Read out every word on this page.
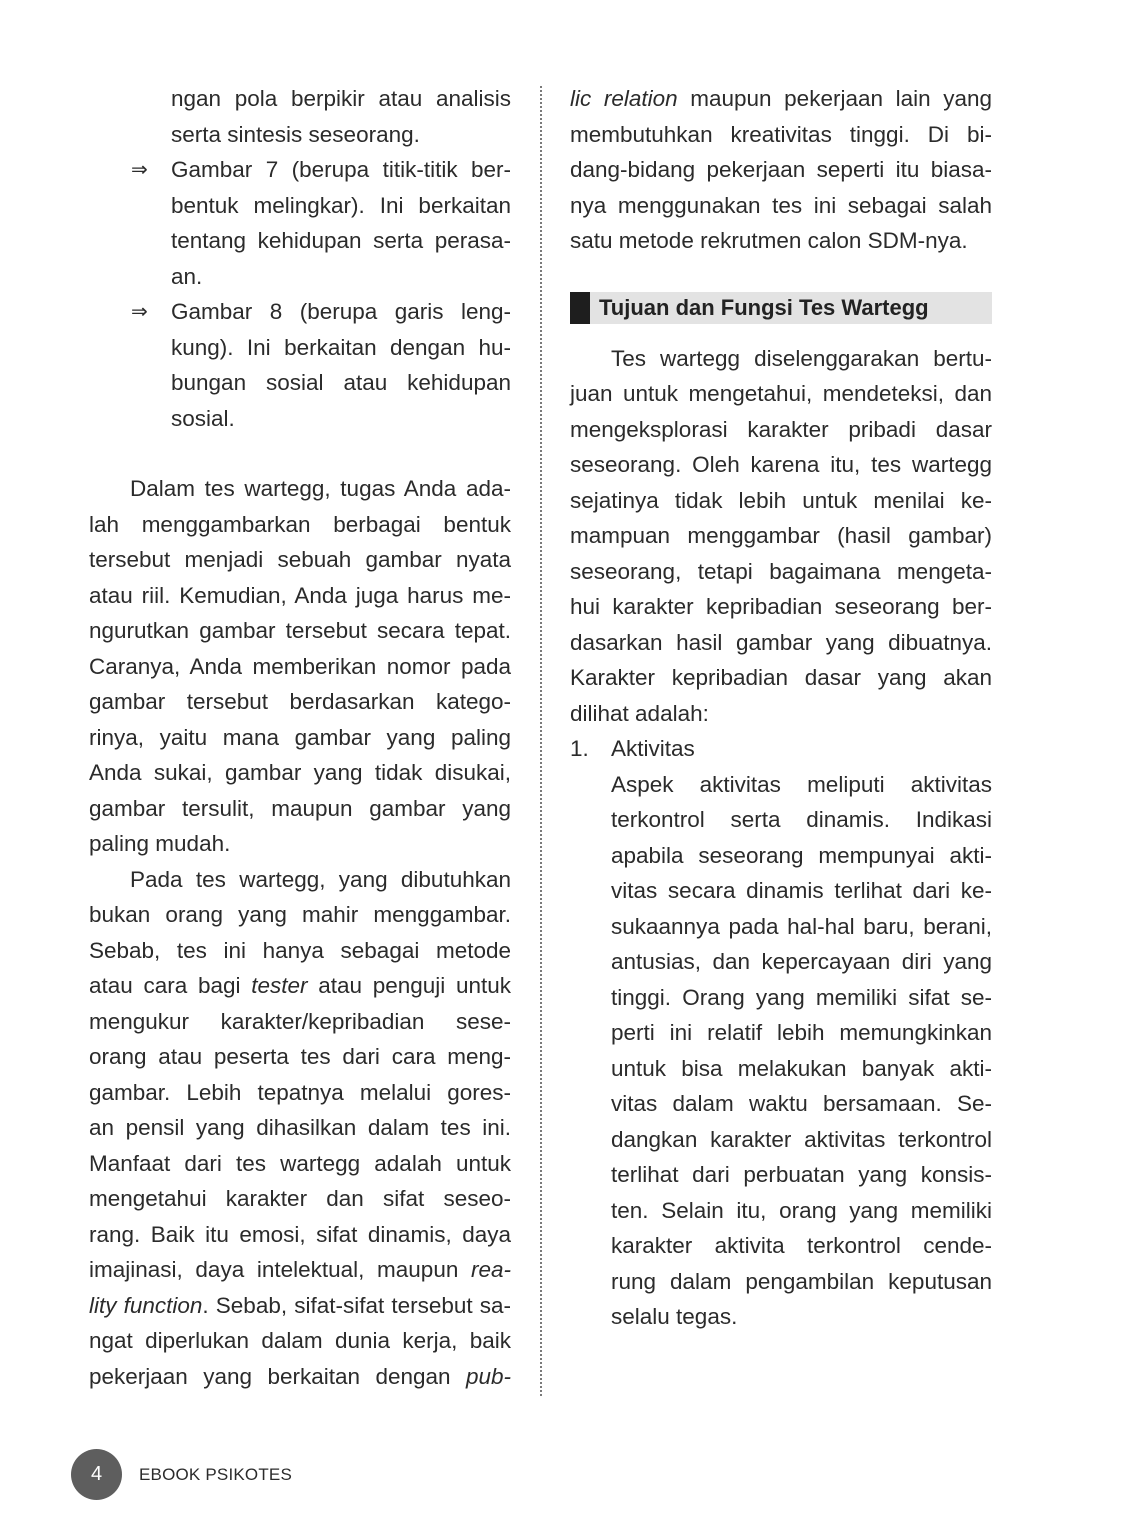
ngan pola berpikir atau analisis
serta sintesis seseorang.
⇒ Gambar 7 (berupa titik-titik ber-
bentuk melingkar). Ini berkaitan
tentang kehidupan serta perasa-
an.
⇒ Gambar 8 (berupa garis leng-
kung). Ini berkaitan dengan hu-
bungan sosial atau kehidupan
sosial.
Dalam tes wartegg, tugas Anda ada-
lah menggambarkan berbagai bentuk
tersebut menjadi sebuah gambar nyata
atau riil. Kemudian, Anda juga harus me-
ngurutkan gambar tersebut secara tepat.
Caranya, Anda memberikan nomor pada
gambar tersebut berdasarkan katego-
rinya, yaitu mana gambar yang paling
Anda sukai, gambar yang tidak disukai,
gambar tersulit, maupun gambar yang
paling mudah.
Pada tes wartegg, yang dibutuhkan
bukan orang yang mahir menggambar.
Sebab, tes ini hanya sebagai metode
atau cara bagi tester atau penguji untuk
mengukur karakter/kepribadian sese-
orang atau peserta tes dari cara meng-
gambar. Lebih tepatnya melalui gores-
an pensil yang dihasilkan dalam tes ini.
Manfaat dari tes wartegg adalah untuk
mengetahui karakter dan sifat seseo-
rang. Baik itu emosi, sifat dinamis, daya
imajinasi, daya intelektual, maupun rea-
lity function. Sebab, sifat-sifat tersebut sa-
ngat diperlukan dalam dunia kerja, baik
pekerjaan yang berkaitan dengan pub-
lic relation maupun pekerjaan lain yang
membutuhkan kreativitas tinggi. Di bi-
dang-bidang pekerjaan seperti itu biasa-
nya menggunakan tes ini sebagai salah
satu metode rekrutmen calon SDM-nya.
Tujuan dan Fungsi Tes Wartegg
Tes wartegg diselenggarakan bertu-
juan untuk mengetahui, mendeteksi, dan
mengeksplorasi karakter pribadi dasar
seseorang. Oleh karena itu, tes wartegg
sejatinya tidak lebih untuk menilai ke-
mampuan menggambar (hasil gambar)
seseorang, tetapi bagaimana mengeta-
hui karakter kepribadian seseorang ber-
dasarkan hasil gambar yang dibuatnya.
Karakter kepribadian dasar yang akan
dilihat adalah:
1. Aktivitas
Aspek aktivitas meliputi aktivitas
terkontrol serta dinamis. Indikasi
apabila seseorang mempunyai akti-
vitas secara dinamis terlihat dari ke-
sukaannya pada hal-hal baru, berani,
antusias, dan kepercayaan diri yang
tinggi. Orang yang memiliki sifat se-
perti ini relatif lebih memungkinkan
untuk bisa melakukan banyak akti-
vitas dalam waktu bersamaan. Se-
dangkan karakter aktivitas terkontrol
terlihat dari perbuatan yang konsis-
ten. Selain itu, orang yang memiliki
karakter aktivita terkontrol cende-
rung dalam pengambilan keputusan
selalu tegas.
4	EBOOK PSIKOTES
